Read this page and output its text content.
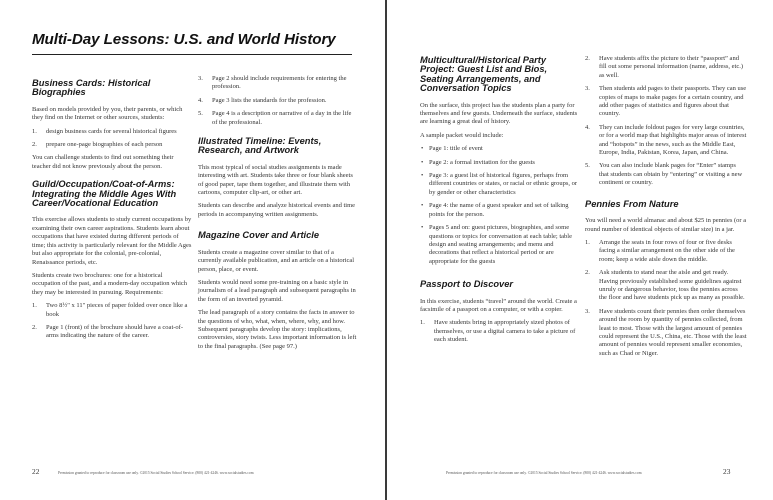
Multi-Day Lessons: U.S. and World History
Business Cards: Historical Biographies
Based on models provided by you, their parents, or which they find on the Internet or other sources, students:
1. design business cards for several historical figures
2. prepare one-page biographies of each person
You can challenge students to find out something their teacher did not know previously about the person.
Guild/Occupation/Coat-of-Arms: Integrating the Middle Ages With Career/Vocational Education
This exercise allows students to study current occupations by examining their own career aspirations. Students learn about occupations that have existed during different periods of time; this activity is particularly relevant for the Middle Ages but also appropriate for the colonial, pre-colonial, Renaissance periods, etc.
Students create two brochures: one for a historical occupation of the past, and a modern-day occupation which they may be interested in pursuing. Requirements:
1. Two 8½" x 11" pieces of paper folded over once like a book
2. Page 1 (front) of the brochure should have a coat-of-arms indicating the nature of the career.
3. Page 2 should include requirements for entering the profession.
4. Page 3 lists the standards for the profession.
5. Page 4 is a description or narrative of a day in the life of the professional.
Illustrated Timeline: Events, Research, and Artwork
This most typical of social studies assignments is made interesting with art. Students take three or four blank sheets of good paper, tape them together, and illustrate them with cartoons, computer clip-art, or other art.
Students can describe and analyze historical events and time periods in accompanying written assignments.
Magazine Cover and Article
Students create a magazine cover similar to that of a currently available publication, and an article on a historical person, place, or event.
Students would need some pre-training on a basic style in journalism of a lead paragraph and subsequent paragraphs in the form of an inverted pyramid.
The lead paragraph of a story contains the facts in answer to the questions of who, what, when, where, why, and how. Subsequent paragraphs develop the story: implications, controversies, story twists. Less important information is left to the final paragraphs. (See page 97.)
22	Permission granted to reproduce for classroom use only. ©2015 Social Studies School Service. (800) 421-4246. www.socialstudies.com
Multicultural/Historical Party Project: Guest List and Bios, Seating Arrangements, and Conversation Topics
On the surface, this project has the students plan a party for themselves and few guests. Underneath the surface, students are learning a great deal of history.
A sample packet would include:
• Page 1: title of event
• Page 2: a formal invitation for the guests
• Page 3: a guest list of historical figures, perhaps from different countries or states, or racial or ethnic groups, or by gender or other characteristics
• Page 4: the name of a guest speaker and set of talking points for the person.
• Pages 5 and on: guest pictures, biographies, and some questions or topics for conversation at each table; table design and seating arrangements; and menu and decorations that reflect a historical period or are appropriate for the guests
Passport to Discover
In this exercise, students “travel” around the world. Create a facsimile of a passport on a computer, or with a copier.
1. Have students bring in appropriately sized photos of themselves, or use a digital camera to take a picture of each student.
2. Have students affix the picture to their “passport” and fill out some personal information (name, address, etc.) as well.
3. Then students add pages to their passports. They can use copies of maps to make pages for a certain country, and add other pages of statistics and figures about that country.
4. They can include foldout pages for very large countries, or for a world map that highlights major areas of interest and “hotspots” in the news, such as the Middle East, Europe, India, Pakistan, Korea, Japan, and China.
5. You can also include blank pages for “Enter” stamps that students can obtain by “entering” or visiting a new continent or country.
Pennies From Nature
You will need a world almanac and about $25 in pennies (or a round number of identical objects of similar size) in a jar.
1. Arrange the seats in four rows of four or five desks facing a similar arrangement on the other side of the room; keep a wide aisle down the middle.
2. Ask students to stand near the aisle and get ready. Having previously established some guidelines against unruly or dangerous behavior, toss the pennies across the floor and have students pick up as many as possible.
3. Have students count their pennies then order themselves around the room by quantity of pennies collected, from least to most. Those with the largest amount of pennies could represent the U.S., China, etc. Those with the least amount of pennies would represent smaller economies, such as Chad or Niger.
Permission granted to reproduce for classroom use only. ©2015 Social Studies School Service. (800) 421-4246. www.socialstudies.com	23
